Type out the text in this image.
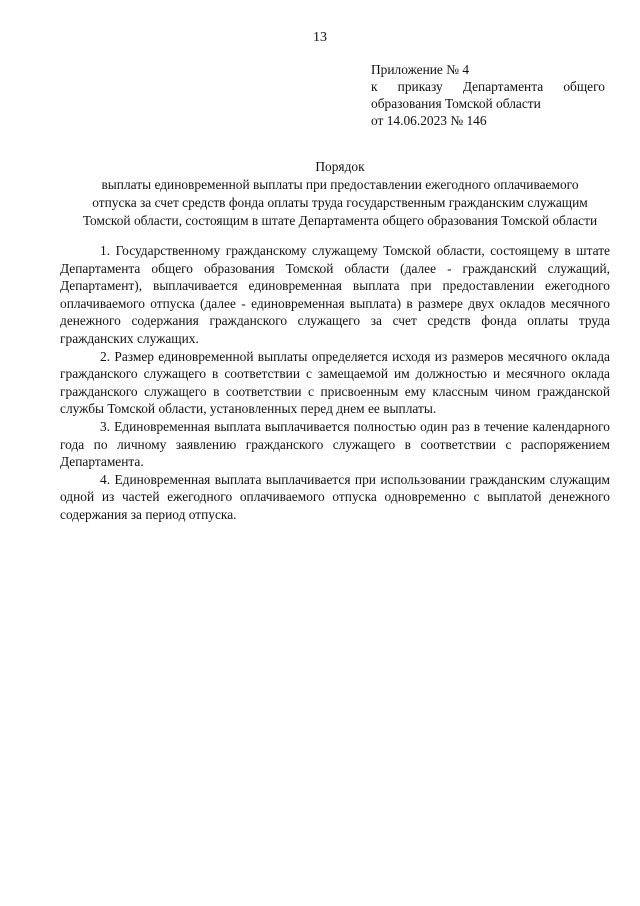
13
Приложение № 4
к приказу Департамента общего
образования Томской области
от 14.06.2023 № 146
Порядок
выплаты единовременной выплаты при предоставлении ежегодного оплачиваемого
отпуска за счет средств фонда оплаты труда государственным гражданским служащим
Томской области, состоящим в штате Департамента общего образования Томской области

1. Государственному гражданскому служащему Томской области, состоящему в штате Департамента общего образования Томской области (далее - гражданский служащий, Департамент), выплачивается единовременная выплата при предоставлении ежегодного оплачиваемого отпуска (далее - единовременная выплата) в размере двух окладов месячного денежного содержания гражданского служащего за счет средств фонда оплаты труда гражданских служащих.

2. Размер единовременной выплаты определяется исходя из размеров месячного оклада гражданского служащего в соответствии с замещаемой им должностью и месячного оклада гражданского служащего в соответствии с присвоенным ему классным чином гражданской службы Томской области, установленных перед днем ее выплаты.

3. Единовременная выплата выплачивается полностью один раз в течение календарного года по личному заявлению гражданского служащего в соответствии с распоряжением Департамента.

4. Единовременная выплата выплачивается при использовании гражданским служащим одной из частей ежегодного оплачиваемого отпуска одновременно с выплатой денежного содержания за период отпуска.
